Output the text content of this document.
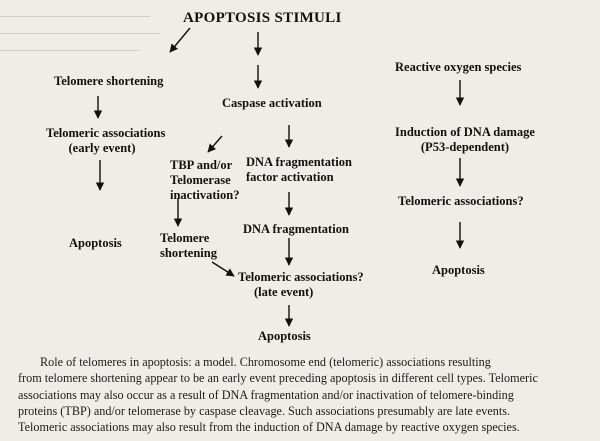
APOPTOSIS STIMULI
Telomere shortening
Telomeric associations
(early event)
Apoptosis
Caspase activation
TBP and/or
Telomerase
inactivation?
Telomere
shortening
DNA fragmentation
factor activation
DNA fragmentation
Telomeric associations?
(late event)
Apoptosis
Reactive oxygen species
Induction of DNA damage
(P53-dependent)
Telomeric associations?
Apoptosis
Role of telomeres in apoptosis: a model. Chromosome end (telomeric) associations resulting
from telomere shortening appear to be an early event preceding apoptosis in different cell types. Telomeric
associations may also occur as a result of DNA fragmentation and/or inactivation of telomere-binding
proteins (TBP) and/or telomerase by caspase cleavage. Such associations presumably are late events.
Telomeric associations may also result from the induction of DNA damage by reactive oxygen species.
